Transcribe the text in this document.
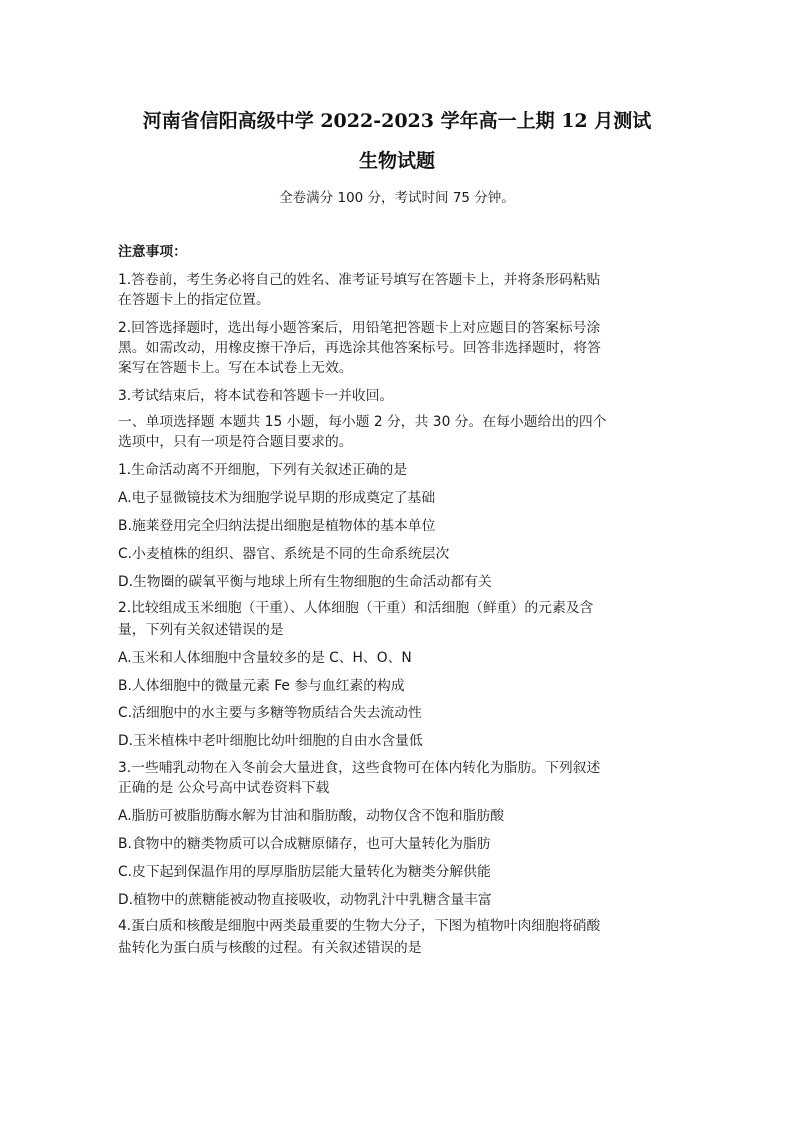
河南省信阳高级中学 2022-2023 学年高一上期 12 月测试
生物试题
全卷满分 100 分，考试时间 75 分钟。
注意事项：
1.答卷前，考生务必将自己的姓名、准考证号填写在答题卡上，并将条形码粘贴
在答题卡上的指定位置。
2.回答选择题时，选出每小题答案后，用铅笔把答题卡上对应题目的答案标号涂
黑。如需改动，用橡皮擦干净后，再选涂其他答案标号。回答非选择题时，将答
案写在答题卡上。写在本试卷上无效。
3.考试结束后，将本试卷和答题卡一并收回。
一、单项选择题 本题共 15 小题，每小题 2 分，共 30 分。在每小题给出的四个
选项中，只有一项是符合题目要求的。
1.生命活动离不开细胞，下列有关叙述正确的是
A.电子显微镜技术为细胞学说早期的形成奠定了基础
B.施莱登用完全归纳法提出细胞是植物体的基本单位
C.小麦植株的组织、器官、系统是不同的生命系统层次
D.生物圈的碳氧平衡与地球上所有生物细胞的生命活动都有关
2.比较组成玉米细胞（干重）、人体细胞（干重）和活细胞（鲜重）的元素及含
量，下列有关叙述错误的是
A.玉米和人体细胞中含量较多的是 C、H、O、N
B.人体细胞中的微量元素 Fe 参与血红素的构成
C.活细胞中的水主要与多糖等物质结合失去流动性
D.玉米植株中老叶细胞比幼叶细胞的自由水含量低
3.一些哺乳动物在入冬前会大量进食，这些食物可在体内转化为脂肪。下列叙述
正确的是 公众号高中试卷资料下载
A.脂肪可被脂肪酶水解为甘油和脂肪酸，动物仅含不饱和脂肪酸
B.食物中的糖类物质可以合成糖原储存，也可大量转化为脂肪
C.皮下起到保温作用的厚厚脂肪层能大量转化为糖类分解供能
D.植物中的蔗糖能被动物直接吸收，动物乳汁中乳糖含量丰富
4.蛋白质和核酸是细胞中两类最重要的生物大分子，下图为植物叶肉细胞将硝酸
盐转化为蛋白质与核酸的过程。有关叙述错误的是
